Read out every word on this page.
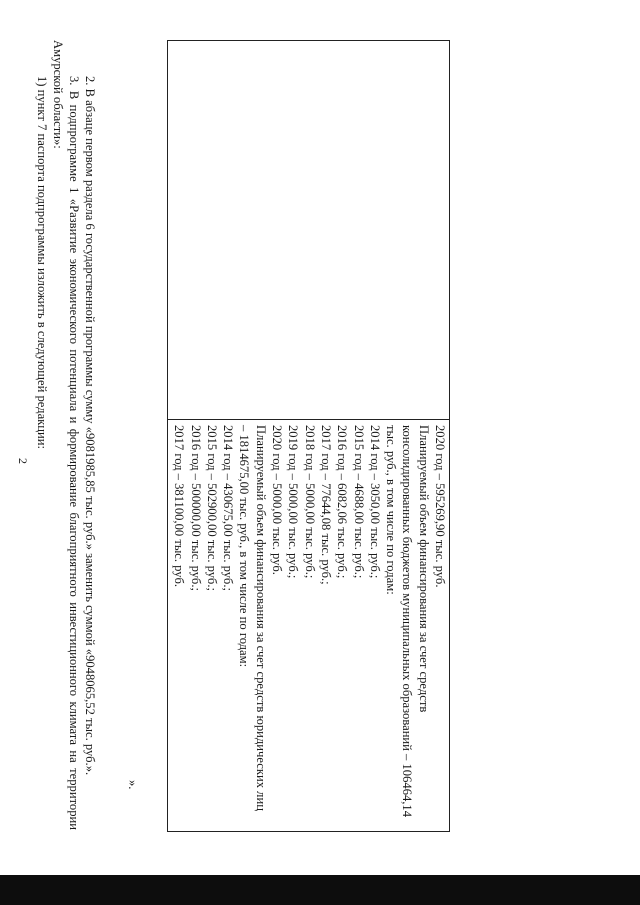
2	2020 год – 595269,90 тыс. руб.
Планируемый объем финансирования за счет средств
консолидированных бюджетов муниципальных образований – 106464,14
тыс. руб., в том числе по годам:
2014 год – 3050,00 тыс. руб.;
2015 год – 4688,00 тыс. руб.;
2016 год – 6082,06 тыс. руб.;
2017 год – 77644,08 тыс. руб.;
2018 год – 5000,00 тыс. руб.;
2019 год – 5000,00 тыс. руб.;
2020 год – 5000,00 тыс. руб.
Планируемый объем финансирования за счет средств юридических лиц
– 1814675,00 тыс. руб., в том числе по годам:
2014 год – 430675,00 тыс. руб.;
2015 год – 502900,00 тыс. руб.;
2016 год – 500000,00 тыс. руб.;
2017 год – 381100,00 тыс. руб.
».

2. В абзаце первом раздела 6 государственной программы сумму «9081985,85 тыс. руб.» заменить суммой «9048065,52 тыс. руб.».

3. В подпрограмме 1 «Развитие экономического потенциала и формирование благоприятного инвестиционного климата на территории Амурской области»:

1) пункт 7 паспорта подпрограммы изложить в следующей редакции:
